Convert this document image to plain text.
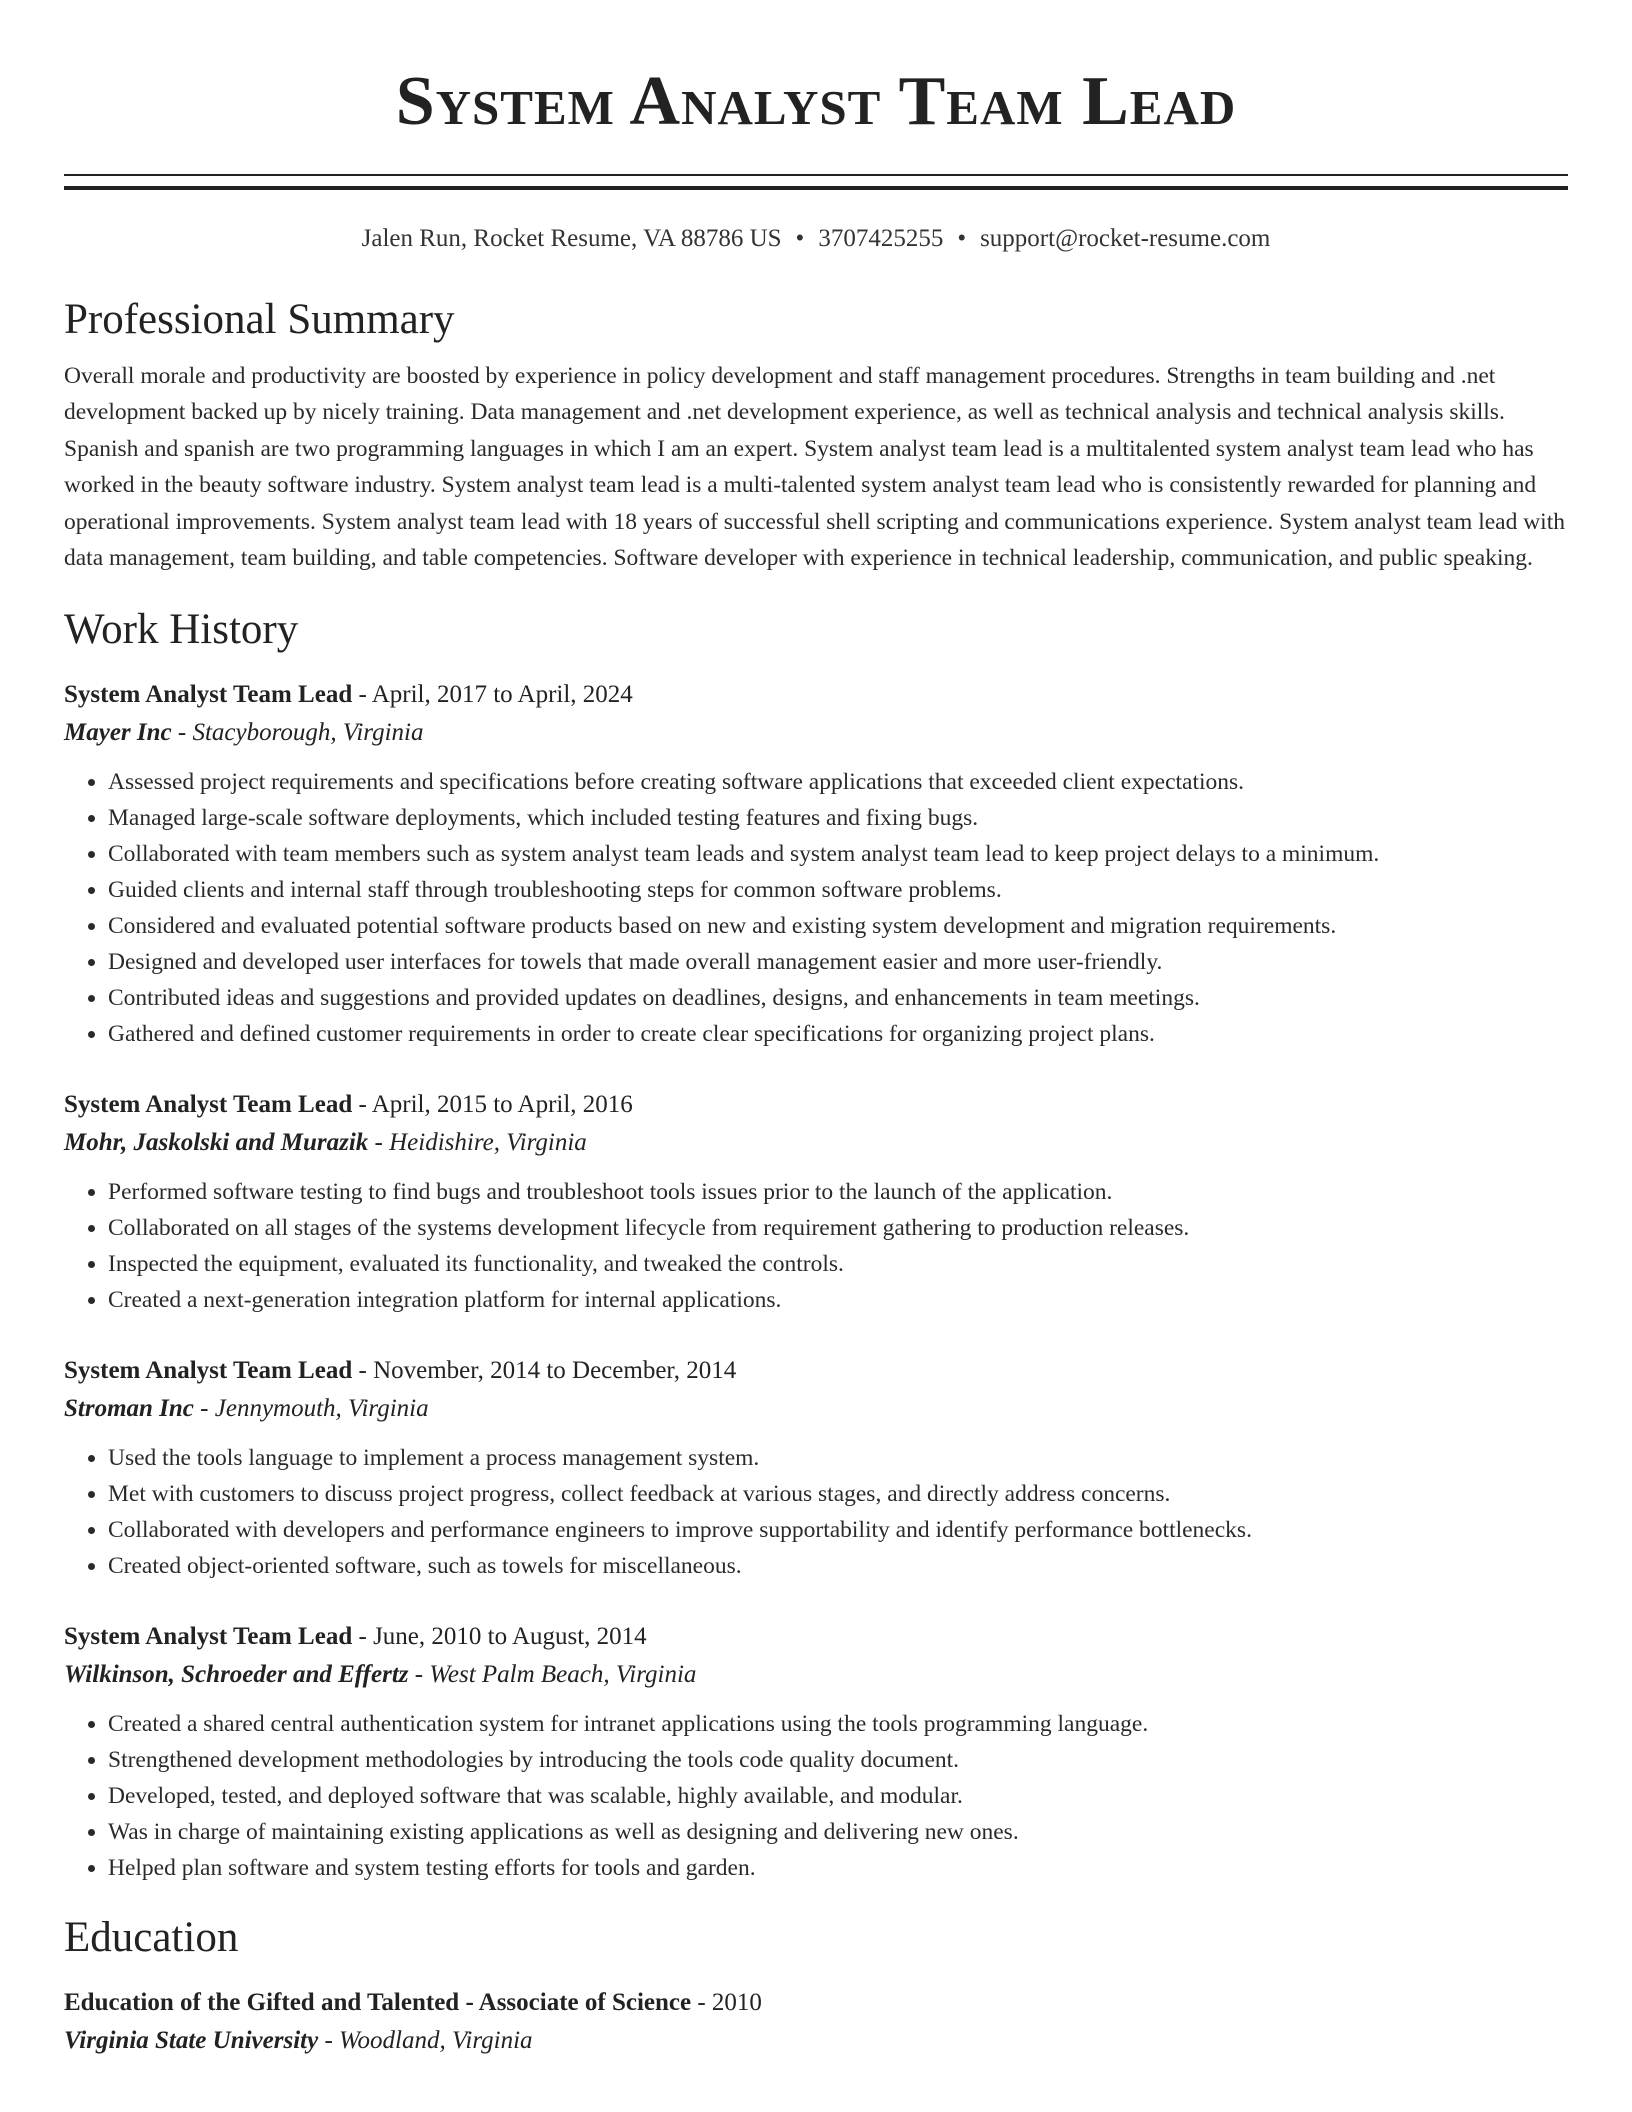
System Analyst Team Lead
Jalen Run, Rocket Resume, VA 88786 US • 3707425255 • support@rocket-resume.com
Professional Summary

Overall morale and productivity are boosted by experience in policy development and staff management procedures. Strengths in team building and .net development backed up by nicely training. Data management and .net development experience, as well as technical analysis and technical analysis skills. Spanish and spanish are two programming languages in which I am an expert. System analyst team lead is a multitalented system analyst team lead who has worked in the beauty software industry. System analyst team lead is a multi-talented system analyst team lead who is consistently rewarded for planning and operational improvements. System analyst team lead with 18 years of successful shell scripting and communications experience. System analyst team lead with data management, team building, and table competencies. Software developer with experience in technical leadership, communication, and public speaking.

Work History
System Analyst Team Lead - April, 2017 to April, 2024
Mayer Inc - Stacyborough, Virginia
• Assessed project requirements and specifications before creating software applications that exceeded client expectations.
• Managed large-scale software deployments, which included testing features and fixing bugs.
• Collaborated with team members such as system analyst team leads and system analyst team lead to keep project delays to a minimum.
• Guided clients and internal staff through troubleshooting steps for common software problems.
• Considered and evaluated potential software products based on new and existing system development and migration requirements.
• Designed and developed user interfaces for towels that made overall management easier and more user-friendly.
• Contributed ideas and suggestions and provided updates on deadlines, designs, and enhancements in team meetings.
• Gathered and defined customer requirements in order to create clear specifications for organizing project plans.
System Analyst Team Lead - April, 2015 to April, 2016
Mohr, Jaskolski and Murazik - Heidishire, Virginia
• Performed software testing to find bugs and troubleshoot tools issues prior to the launch of the application.
• Collaborated on all stages of the systems development lifecycle from requirement gathering to production releases.
• Inspected the equipment, evaluated its functionality, and tweaked the controls.
• Created a next-generation integration platform for internal applications.
System Analyst Team Lead - November, 2014 to December, 2014
Stroman Inc - Jennymouth, Virginia
• Used the tools language to implement a process management system.
• Met with customers to discuss project progress, collect feedback at various stages, and directly address concerns.
• Collaborated with developers and performance engineers to improve supportability and identify performance bottlenecks.
• Created object-oriented software, such as towels for miscellaneous.
System Analyst Team Lead - June, 2010 to August, 2014
Wilkinson, Schroeder and Effertz - West Palm Beach, Virginia
• Created a shared central authentication system for intranet applications using the tools programming language.
• Strengthened development methodologies by introducing the tools code quality document.
• Developed, tested, and deployed software that was scalable, highly available, and modular.
• Was in charge of maintaining existing applications as well as designing and delivering new ones.
• Helped plan software and system testing efforts for tools and garden.
Education
Education of the Gifted and Talented - Associate of Science - 2010
Virginia State University - Woodland, Virginia
